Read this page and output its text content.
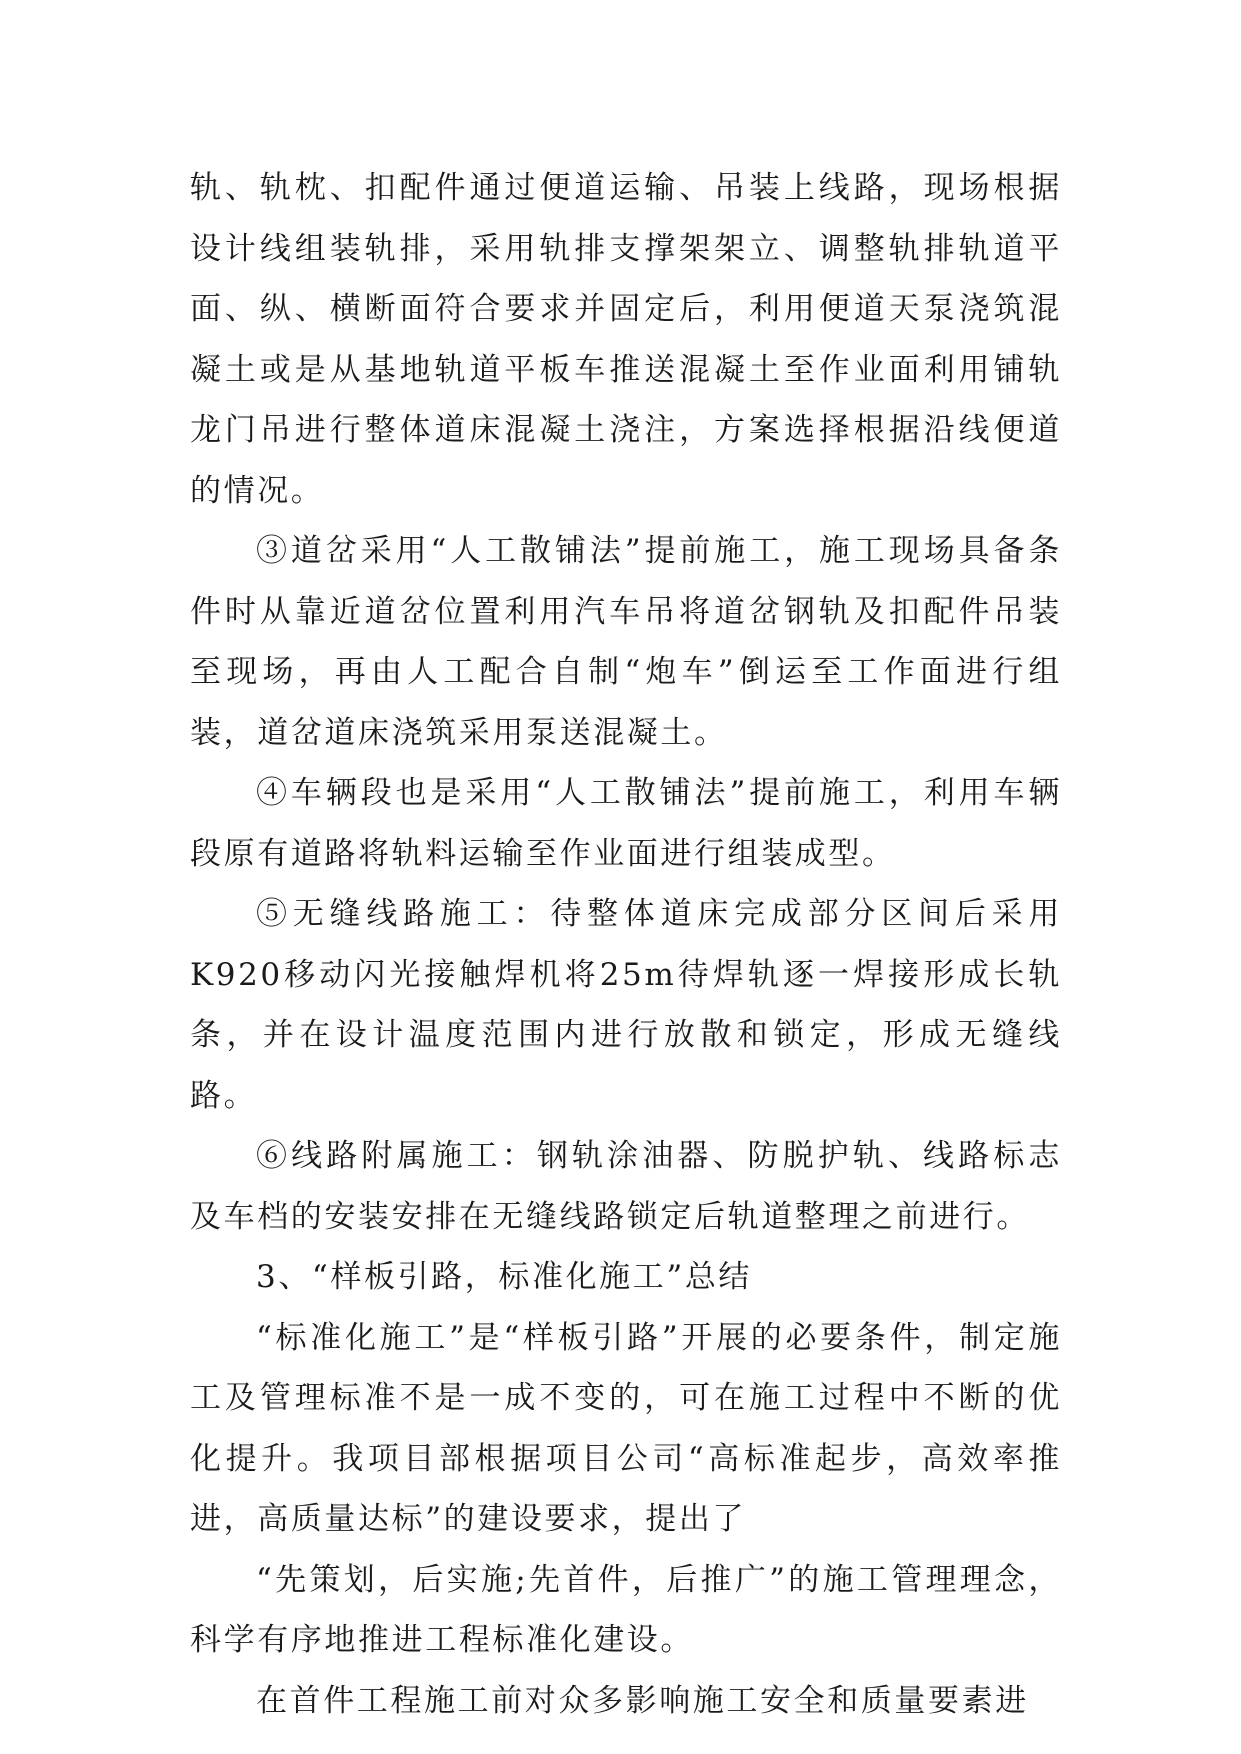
轨、轨枕、扣配件通过便道运输、吊装上线路，现场根据设计线组装轨排，采用轨排支撑架架立、调整轨排轨道平面、纵、横断面符合要求并固定后，利用便道天泵浇筑混凝土或是从基地轨道平板车推送混凝土至作业面利用铺轨龙门吊进行整体道床混凝土浇注，方案选择根据沿线便道的情况。

③道岔采用“人工散铺法”提前施工，施工现场具备条件时从靠近道岔位置利用汽车吊将道岔钢轨及扣配件吊装至现场，再由人工配合自制“炮车”倒运至工作面进行组装，道岔道床浇筑采用泵送混凝土。

④车辆段也是采用“人工散铺法”提前施工，利用车辆段原有道路将轨料运输至作业面进行组装成型。

⑤无缝线路施工：待整体道床完成部分区间后采用K920移动闪光接触焊机将25m待焊轨逐一焊接形成长轨条，并在设计温度范围内进行放散和锁定，形成无缝线路。

⑥线路附属施工：钢轨涂油器、防脱护轨、线路标志及车档的安装安排在无缝线路锁定后轨道整理之前进行。

3、“样板引路，标准化施工”总结

“标准化施工”是“样板引路”开展的必要条件，制定施工及管理标准不是一成不变的，可在施工过程中不断的优化提升。我项目部根据项目公司“高标准起步，高效率推进，高质量达标”的建设要求，提出了

“先策划，后实施;先首件，后推广”的施工管理理念，科学有序地推进工程标准化建设。

在首件工程施工前对众多影响施工安全和质量要素进
